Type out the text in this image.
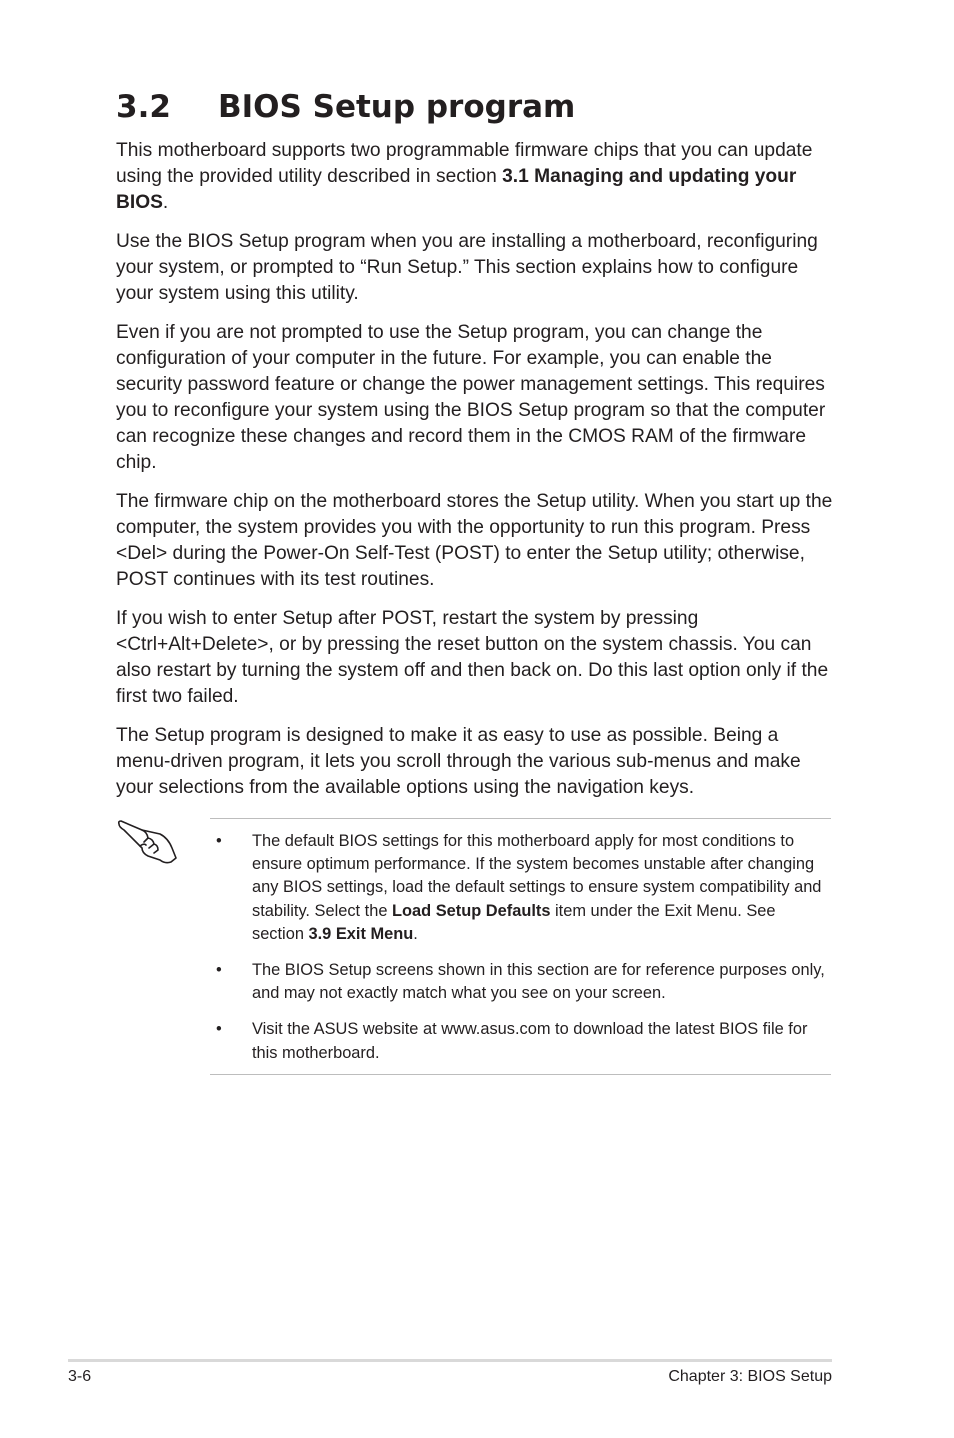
3.2 BIOS Setup program

This motherboard supports two programmable firmware chips that you can update using the provided utility described in section 3.1 Managing and updating your BIOS.

Use the BIOS Setup program when you are installing a motherboard, reconfiguring your system, or prompted to “Run Setup.” This section explains how to configure your system using this utility.

Even if you are not prompted to use the Setup program, you can change the configuration of your computer in the future. For example, you can enable the security password feature or change the power management settings. This requires you to reconfigure your system using the BIOS Setup program so that the computer can recognize these changes and record them in the CMOS RAM of the firmware chip.

The firmware chip on the motherboard stores the Setup utility. When you start up the computer, the system provides you with the opportunity to run this program. Press <Del> during the Power-On Self-Test (POST) to enter the Setup utility; otherwise, POST continues with its test routines.

If you wish to enter Setup after POST, restart the system by pressing <Ctrl+Alt+Delete>, or by pressing the reset button on the system chassis. You can also restart by turning the system off and then back on. Do this last option only if the first two failed.

The Setup program is designed to make it as easy to use as possible. Being a menu-driven program, it lets you scroll through the various sub-menus and make your selections from the available options using the navigation keys.

• The default BIOS settings for this motherboard apply for most conditions to ensure optimum performance. If the system becomes unstable after changing any BIOS settings, load the default settings to ensure system compatibility and stability. Select the Load Setup Defaults item under the Exit Menu. See section 3.9 Exit Menu.
• The BIOS Setup screens shown in this section are for reference purposes only, and may not exactly match what you see on your screen.
• Visit the ASUS website at www.asus.com to download the latest BIOS file for this motherboard.
3-6	Chapter 3: BIOS Setup
